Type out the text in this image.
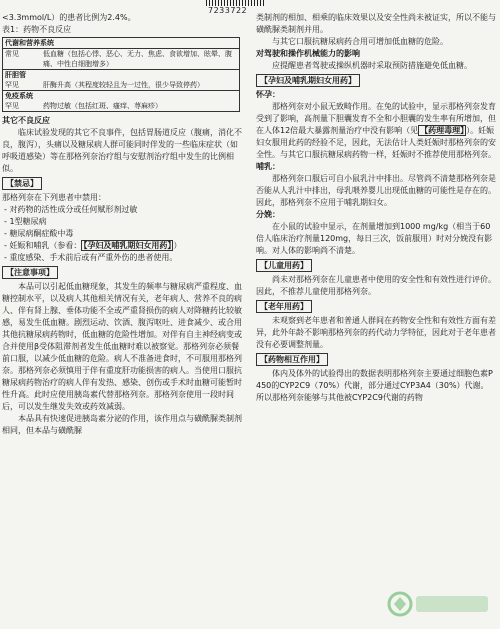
7233722

<3.3mmol/L）的患者比例为2.4%。

表1：药物不良反应

代谢和营养系统
常见	低血糖（包括心悸、恶心、无力、焦虑、食欲增加、眩晕、腹痛、中性白细胞增多）
肝胆管
罕见	肝酶升高（其程度较轻且为一过性，很少导致停药）
免疫系统
罕见	药物过敏（包括红斑、瘙痒、荨麻疹）

其它不良反应

临床试验发现的其它不良事件，包括胃肠道反应（腹痛，消化不良，腹泻），头痛以及糖尿病人群可能同时伴发的一些临床症状（如呼吸道感染）等在那格列奈治疗组与安慰剂治疗组中发生的比例相似。

【禁忌】

那格列奈在下列患者中禁用：

- 对药物的活性成分或任何赋形剂过敏
- 1型糖尿病
- 糖尿病酮症酸中毒
- 妊娠和哺乳（参看： 【孕妇及哺乳期妇女用药】 ）
- 重度感染、手术前后或有严重外伤的患者使用。
【注意事项】

本品可以引起低血糖现象，其发生的频率与糖尿病严重程度、血糖控制水平，以及病人其他相关情况有关，老年病人、营养不良的病人、伴有肾上腺、垂体功能不全或严重肾损伤的病人对降糖药比较敏感，易发生低血糖。剧烈运动、饮酒、腹泻呕吐、进食减少、或合用其他抗糖尿病药物时，低血糖的危险性增加。对伴有自主神经病变或合并使用β受体阻滞剂者发生低血糖时难以被察觉。那格列奈必须餐前口服，以减少低血糖的危险。病人不准备进食时，不可服用那格列奈。那格列奈必须慎用于伴有重度肝功能损害的病人。当使用口服抗糖尿病药物治疗的病人伴有发热、感染、创伤或手术时血糖可能暂时性升高。此时应使用胰岛素代替那格列奈。那格列奈使用一段时间后，可以发生继发失效或药效减弱。

本品具有快速促进胰岛素分泌的作用，该作用点与磺酰脲类制剂相同，但本品与磺酰脲

类制剂的相加、相乘的临床效果以及安全性尚未被证实，所以不能与磺酰脲类制剂并用。

与其它口服抗糖尿病药合用可增加低血糖的危险。

对驾驶和操作机械能力的影响

应提醒患者驾驶或操纵机器时采取预防措施避免低血糖。

【孕妇及哺乳期妇女用药】

怀孕：

那格列奈对小鼠无致畸作用。在兔的试验中，显示那格列奈发育受到了影响，高剂量下胆囊发育不全和小胆囊的发生率有所增加，但在人体12倍最大暴露剂量治疗中没有影响（见 【药理毒理】 ）。妊娠妇女服用此药的经验不足，因此，无法估计人类妊娠时那格列奈的安全性。与其它口服抗糖尿病药物一样，妊娠时不推荐使用那格列奈。

哺乳：

那格列奈口服后可自小鼠乳汁中排出。尽管尚不清楚那格列奈是否能从人乳汁中排出，母乳喂养婴儿出现低血糖的可能性是存在的。因此，那格列奈不应用于哺乳期妇女。

分娩：

在小鼠的试验中显示，在剂量增加到1000 mg/kg（相当于60倍人临床治疗剂量120mg，每日三次，饭前服用）时对分娩没有影响。对人体的影响尚不清楚。

【儿童用药】

尚未对那格列奈在儿童患者中使用的安全性和有效性进行评价。因此，不推荐儿童使用那格列奈。

【老年用药】

未观察到老年患者和普通人群间在药物安全性和有效性方面有差异，此外年龄不影响那格列奈的药代动力学特征，因此对于老年患者没有必要调整剂量。

【药物相互作用】

体内及体外的试验得出的数据表明那格列奈主要通过细胞色素P450的CYP2C9（70%）代谢，部分通过CYP3A4（30%）代谢。所以那格列奈能够与其他被CYP2C9代谢的药物
